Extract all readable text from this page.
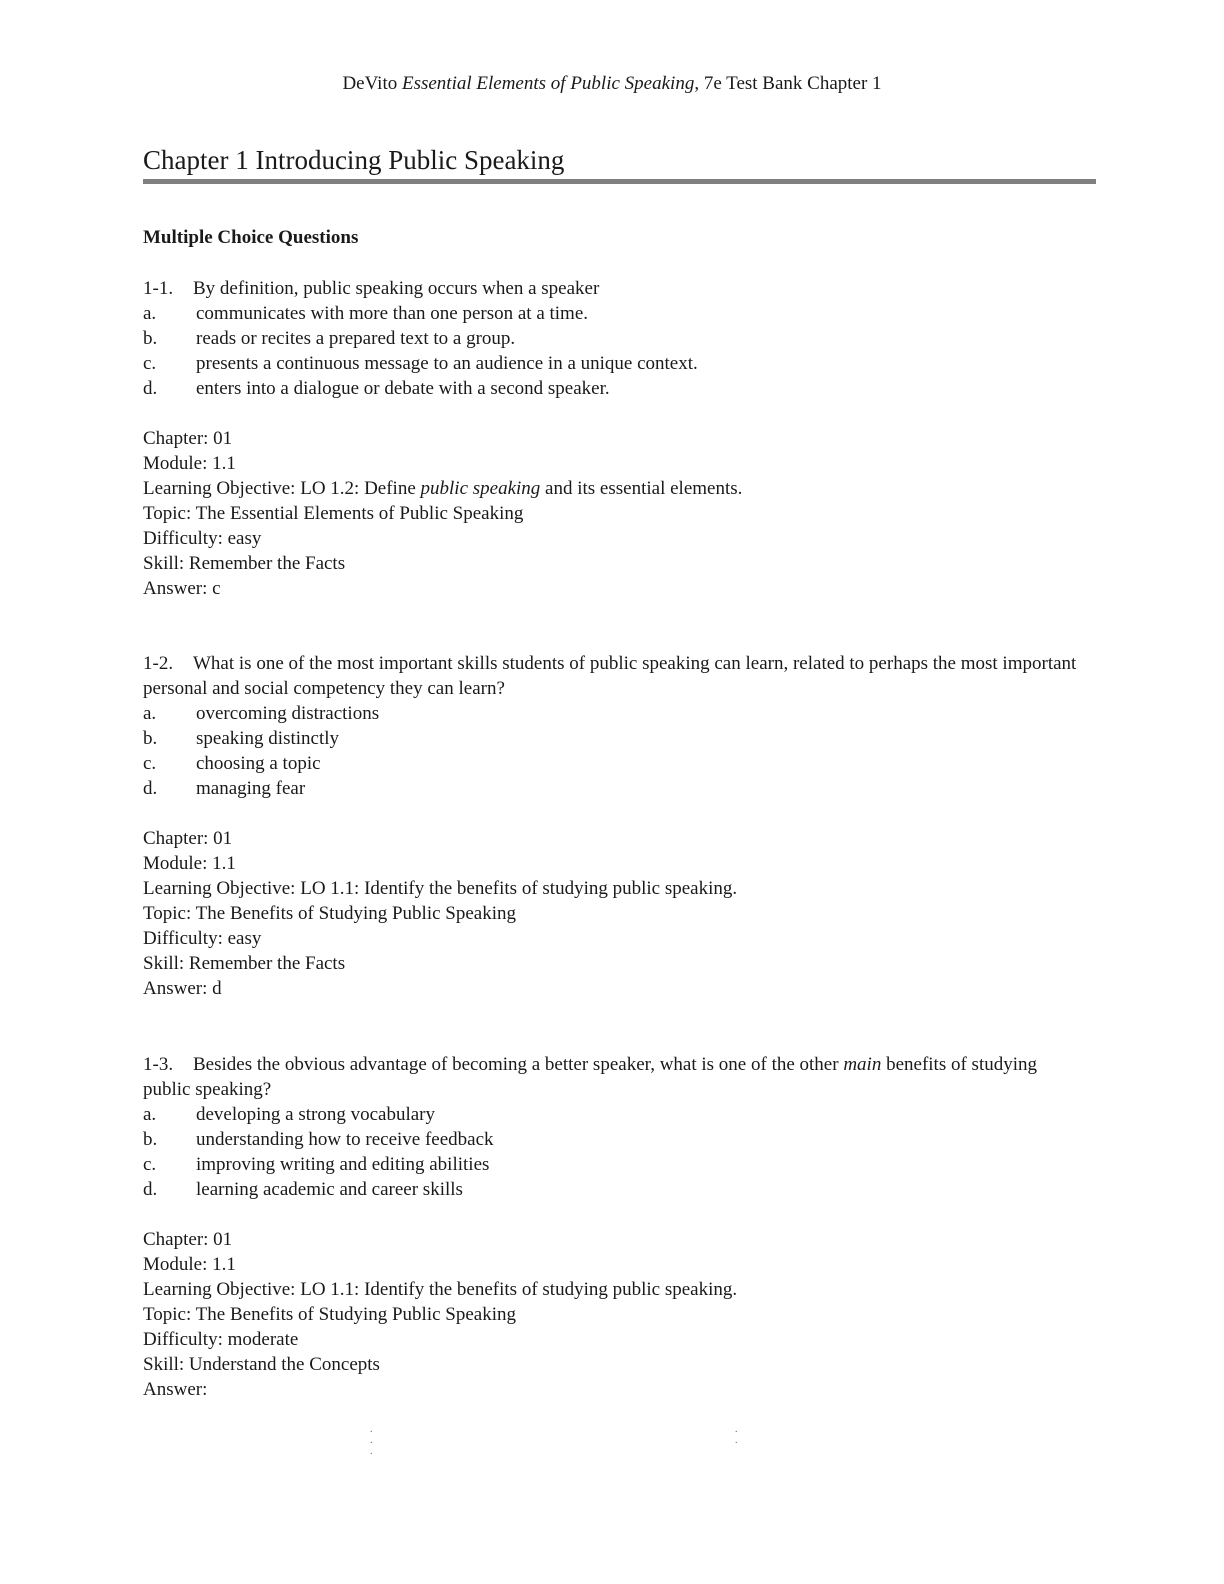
DeVito Essential Elements of Public Speaking, 7e Test Bank Chapter 1
Chapter 1 Introducing Public Speaking
Multiple Choice Questions
1-1. By definition, public speaking occurs when a speaker
a. communicates with more than one person at a time.
b. reads or recites a prepared text to a group.
c. presents a continuous message to an audience in a unique context.
d. enters into a dialogue or debate with a second speaker.
Chapter: 01
Module: 1.1
Learning Objective: LO 1.2: Define public speaking and its essential elements.
Topic: The Essential Elements of Public Speaking
Difficulty: easy
Skill: Remember the Facts
Answer: c
1-2. What is one of the most important skills students of public speaking can learn, related to perhaps the most important personal and social competency they can learn?
a. overcoming distractions
b. speaking distinctly
c. choosing a topic
d. managing fear
Chapter: 01
Module: 1.1
Learning Objective: LO 1.1: Identify the benefits of studying public speaking.
Topic: The Benefits of Studying Public Speaking
Difficulty: easy
Skill: Remember the Facts
Answer: d
1-3. Besides the obvious advantage of becoming a better speaker, what is one of the other main benefits of studying public speaking?
a. developing a strong vocabulary
b. understanding how to receive feedback
c. improving writing and editing abilities
d. learning academic and career skills
Chapter: 01
Module: 1.1
Learning Objective: LO 1.1: Identify the benefits of studying public speaking.
Topic: The Benefits of Studying Public Speaking
Difficulty: moderate
Skill: Understand the Concepts
Answer:
. . . . .
